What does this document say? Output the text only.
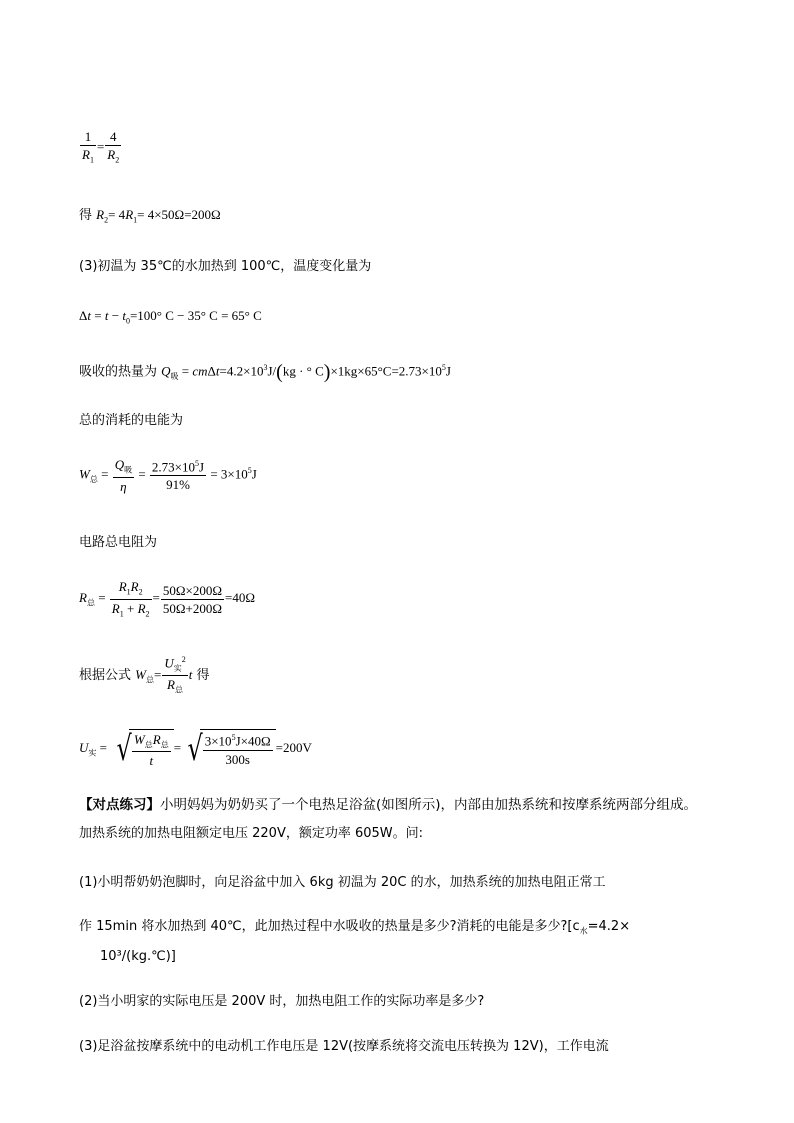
$\frac{1}{R_1} = \frac{4}{R_2}$
得 $R_2= 4R_1= 4\times 50\Omega=200\Omega$
(3)初温为 35℃的水加热到 100℃，温度变化量为
$\Delta t = t - t_0=100^\circ$ C − 35° C = 65° C
吸收的热量为 $Q_吸 = cm\Delta t=4.2\times 10^3J/(kg$ · ° $C)\times 1kg\times 65^\circ C=2.73\times 10^5J$
总的消耗的电能为
$W_总 = \frac{Q_吸}{\eta} = \frac{2.73\times 10^5J}{91\%} = 3\times 10^5J$
电路总电阻为
$R_总 = \frac{R_1R_2}{R_1 + R_2} = \frac{50\Omega\times 200\Omega}{50\Omega+200\Omega} =40\Omega$
根据公式 $W_总= \frac{U_实^2}{R_总}$ t 得
$U_实$ = √ $\frac{W_总R_总}{t}$ = √ $\frac{3\times 10^5J\times 40\Omega}{300s} =200V$
【对点练习】小明妈妈为奶奶买了一个电热足浴盆(如图所示)，内部由加热系统和按摩系统两部分组成。
加热系统的加热电阻额定电压 220V，额定功率 605W。问:
(1)小明帮奶奶泡脚时，向足浴盆中加入 6kg 初温为 20C 的水，加热系统的加热电阻正常工
作 15min 将水加热到 40℃，此加热过程中水吸收的热量是多少?消耗的电能是多少$?[c_水=4.2\times$
10³/(kg.℃)]
(2)当小明家的实际电压是 200V 时，加热电阻工作的实际功率是多少?
(3)足浴盆按摩系统中的电动机工作电压是 12V(按摩系统将交流电压转换为 12V)，工作电流
